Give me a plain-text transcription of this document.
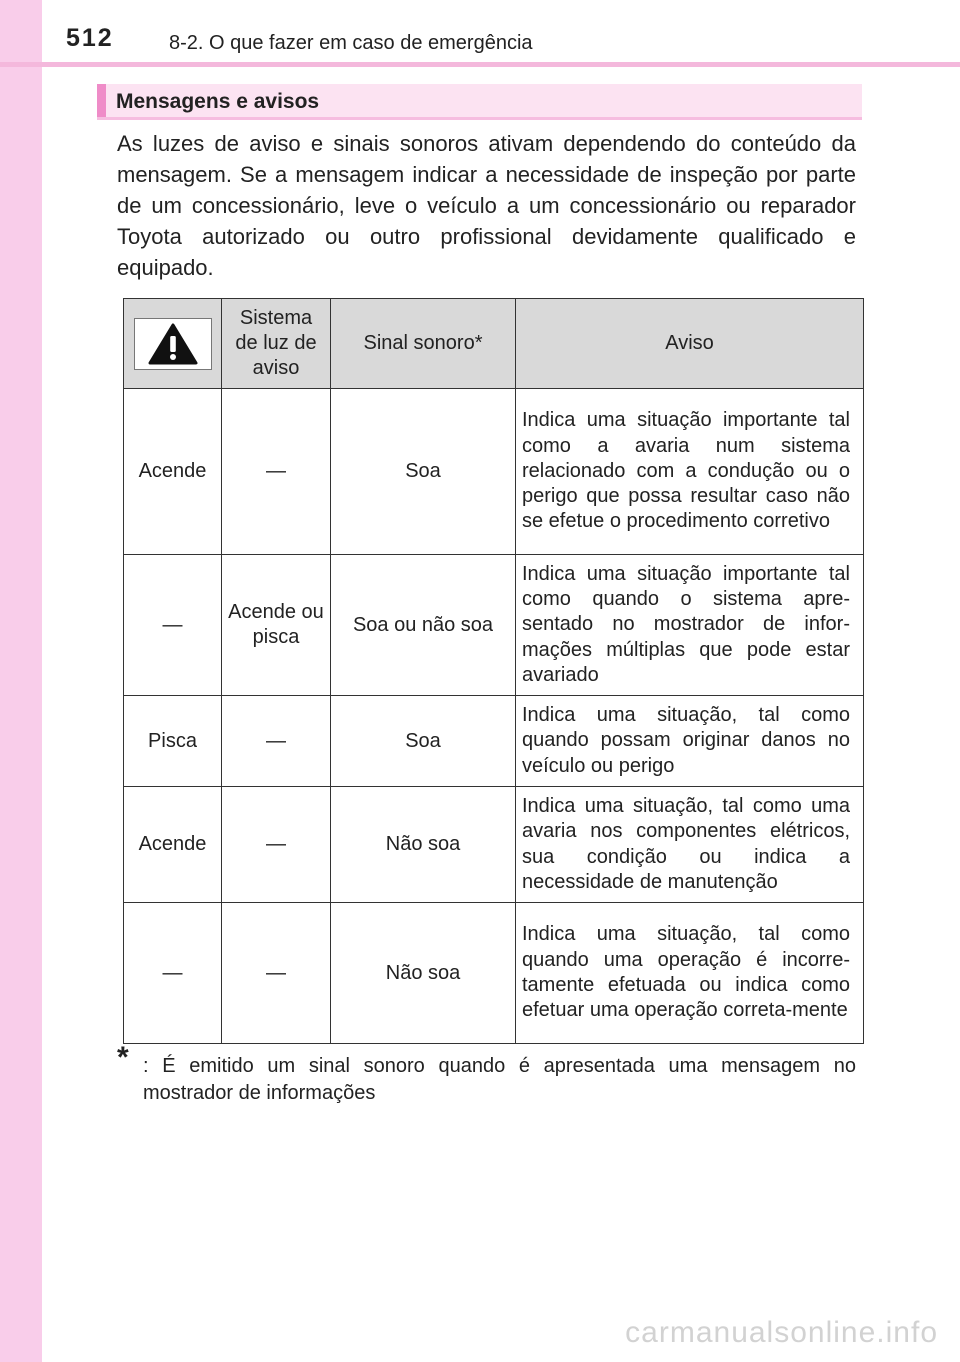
512	8-2. O que fazer em caso de emergência
Mensagens e avisos
As luzes de aviso e sinais sonoros ativam dependendo do conteúdo da mensagem. Se a mensagem indicar a necessidade de inspeção por parte de um concessionário, leve o veículo a um concessionário ou reparador Toyota autorizado ou outro profissional devidamente qualificado e equipado.
	Sistema de luz de aviso	Sinal sonoro*	Aviso
Acende	—	Soa	Indica uma situação importante tal como a avaria num sistema relacionado com a condução ou o perigo que possa resultar caso não se efetue o procedimento corretivo
—	Acende ou pisca	Soa ou não soa	Indica uma situação importante tal como quando o sistema apre-sentado no mostrador de infor-mações múltiplas que pode estar avariado
Pisca	—	Soa	Indica uma situação, tal como quando possam originar danos no veículo ou perigo
Acende	—	Não soa	Indica uma situação, tal como uma avaria nos componentes elétricos, sua condição ou indica a necessidade de manutenção
—	—	Não soa	Indica uma situação, tal como quando uma operação é incorre-tamente efetuada ou indica como efetuar uma operação correta-mente
* : É emitido um sinal sonoro quando é apresentada uma mensagem no mostrador de informações
carmanualsonline.info
